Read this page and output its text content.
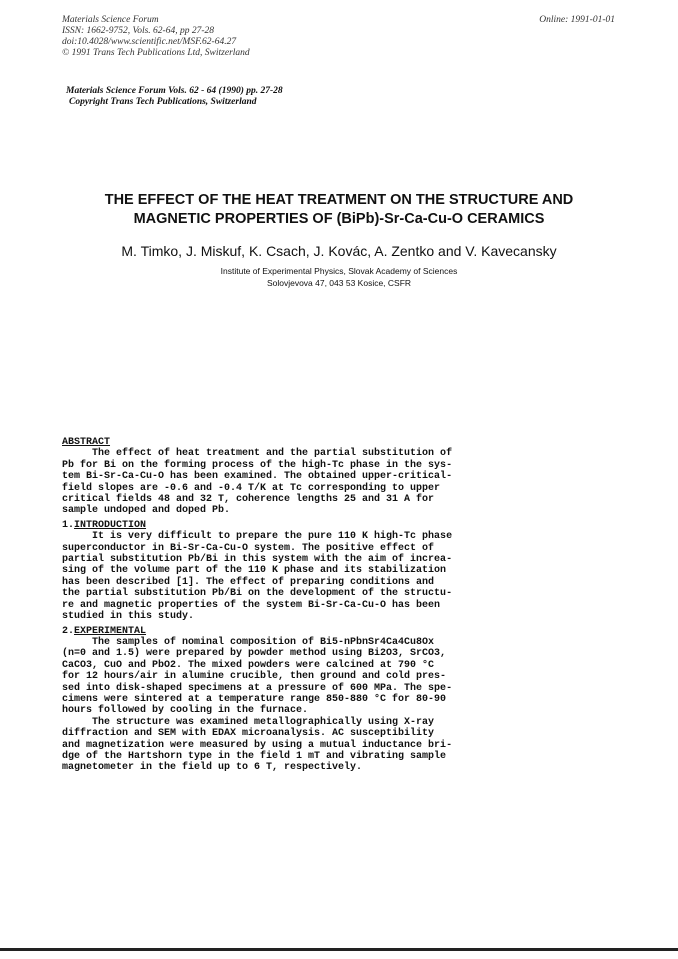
Materials Science Forum
ISSN: 1662-9752, Vols. 62-64, pp 27-28
doi:10.4028/www.scientific.net/MSF.62-64.27
© 1991 Trans Tech Publications Ltd, Switzerland
Online: 1991-01-01
Materials Science Forum Vols. 62 - 64 (1990) pp. 27-28
Copyright Trans Tech Publications, Switzerland
THE EFFECT OF THE HEAT TREATMENT ON THE STRUCTURE AND
MAGNETIC PROPERTIES OF (BiPb)-Sr-Ca-Cu-O CERAMICS
M. Timko, J. Miskuf, K. Csach, J. Kovác, A. Zentko and V. Kavecansky
Institute of Experimental Physics, Slovak Academy of Sciences
Solovjevova 47, 043 53 Kosice, CSFR
ABSTRACT
The effect of heat treatment and the partial substitution of
Pb for Bi on the forming process of the high-Tc phase in the sys-
tem Bi-Sr-Ca-Cu-O has been examined. The obtained upper-critical-
field slopes are -0.6 and -0.4 T/K at Tc corresponding to upper
critical fields 48 and 32 T, coherence lengths 25 and 31 A for
sample undoped and doped Pb.
1.INTRODUCTION
It is very difficult to prepare the pure 110 K high-Tc phase
superconductor in Bi-Sr-Ca-Cu-O system. The positive effect of
partial substitution Pb/Bi in this system with the aim of increa-
sing of the volume part of the 110 K phase and its stabilization
has been described [1]. The effect of preparing conditions and
the partial substitution Pb/Bi on the development of the structu-
re and magnetic properties of the system Bi-Sr-Ca-Cu-O has been
studied in this study.
2.EXPERIMENTAL
The samples of nominal composition of Bi5-nPbnSr4Ca4Cu8Ox
(n=0 and 1.5) were prepared by powder method using Bi2O3, SrCO3,
CaCO3, CuO and PbO2. The mixed powders were calcined at 790 °C
for 12 hours/air in alumine crucible, then ground and cold pres-
sed into disk-shaped specimens at a pressure of 600 MPa. The spe-
cimens were sintered at a temperature range 850-880 °C for 80-90
hours followed by cooling in the furnace.
The structure was examined metallographically using X-ray
diffraction and SEM with EDAX microanalysis. AC susceptibility
and magnetization were measured by using a mutual inductance bri-
dge of the Hartshorn type in the field 1 mT and vibrating sample
magnetometer in the field up to 6 T, respectively.
